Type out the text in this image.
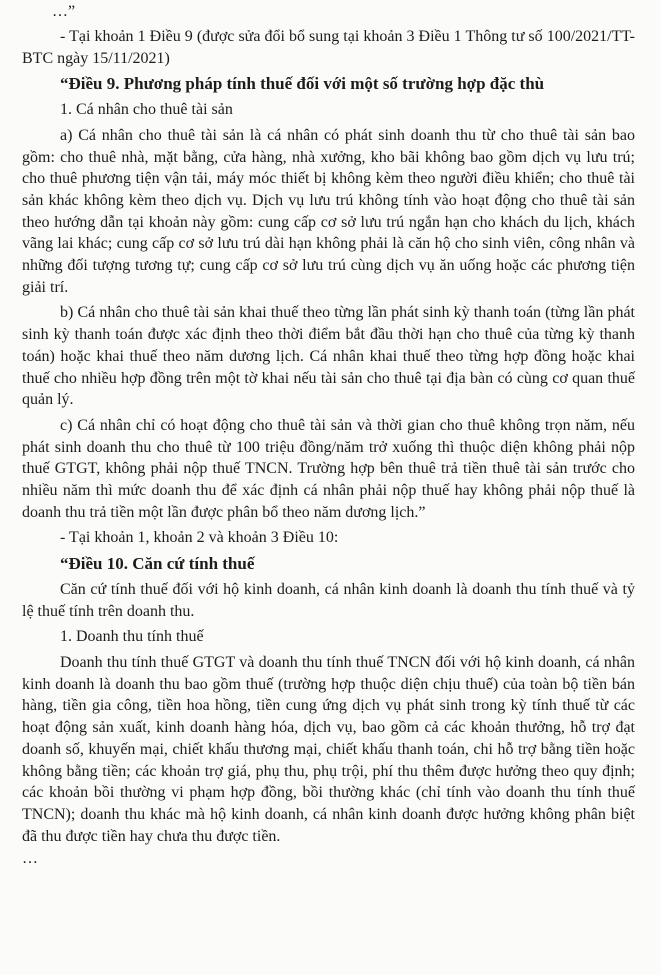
…”

- Tại khoản 1 Điều 9 (được sửa đổi bổ sung tại khoản 3 Điều 1 Thông tư số 100/2021/TT-BTC ngày 15/11/2021)

“Điều 9. Phương pháp tính thuế đối với một số trường hợp đặc thù

1. Cá nhân cho thuê tài sản

a) Cá nhân cho thuê tài sản là cá nhân có phát sinh doanh thu từ cho thuê tài sản bao gồm: cho thuê nhà, mặt bằng, cửa hàng, nhà xưởng, kho bãi không bao gồm dịch vụ lưu trú; cho thuê phương tiện vận tải, máy móc thiết bị không kèm theo người điều khiển; cho thuê tài sản khác không kèm theo dịch vụ. Dịch vụ lưu trú không tính vào hoạt động cho thuê tài sản theo hướng dẫn tại khoản này gồm: cung cấp cơ sở lưu trú ngắn hạn cho khách du lịch, khách vãng lai khác; cung cấp cơ sở lưu trú dài hạn không phải là căn hộ cho sinh viên, công nhân và những đối tượng tương tự; cung cấp cơ sở lưu trú cùng dịch vụ ăn uống hoặc các phương tiện giải trí.

b) Cá nhân cho thuê tài sản khai thuế theo từng lần phát sinh kỳ thanh toán (từng lần phát sinh kỳ thanh toán được xác định theo thời điểm bắt đầu thời hạn cho thuê của từng kỳ thanh toán) hoặc khai thuế theo năm dương lịch. Cá nhân khai thuế theo từng hợp đồng hoặc khai thuế cho nhiều hợp đồng trên một tờ khai nếu tài sản cho thuê tại địa bàn có cùng cơ quan thuế quản lý.

c) Cá nhân chỉ có hoạt động cho thuê tài sản và thời gian cho thuê không trọn năm, nếu phát sinh doanh thu cho thuê từ 100 triệu đồng/năm trở xuống thì thuộc diện không phải nộp thuế GTGT, không phải nộp thuế TNCN. Trường hợp bên thuê trả tiền thuê tài sản trước cho nhiều năm thì mức doanh thu để xác định cá nhân phải nộp thuế hay không phải nộp thuế là doanh thu trả tiền một lần được phân bổ theo năm dương lịch.”

- Tại khoản 1, khoản 2 và khoản 3 Điều 10:

“Điều 10. Căn cứ tính thuế

Căn cứ tính thuế đối với hộ kinh doanh, cá nhân kinh doanh là doanh thu tính thuế và tỷ lệ thuế tính trên doanh thu.

1. Doanh thu tính thuế

Doanh thu tính thuế GTGT và doanh thu tính thuế TNCN đối với hộ kinh doanh, cá nhân kinh doanh là doanh thu bao gồm thuế (trường hợp thuộc diện chịu thuế) của toàn bộ tiền bán hàng, tiền gia công, tiền hoa hồng, tiền cung ứng dịch vụ phát sinh trong kỳ tính thuế từ các hoạt động sản xuất, kinh doanh hàng hóa, dịch vụ, bao gồm cả các khoản thưởng, hỗ trợ đạt doanh số, khuyến mại, chiết khấu thương mại, chiết khấu thanh toán, chi hỗ trợ bằng tiền hoặc không bằng tiền; các khoản trợ giá, phụ thu, phụ trội, phí thu thêm được hưởng theo quy định; các khoản bồi thường vi phạm hợp đồng, bồi thường khác (chỉ tính vào doanh thu tính thuế TNCN); doanh thu khác mà hộ kinh doanh, cá nhân kinh doanh được hưởng không phân biệt đã thu được tiền hay chưa thu được tiền.

…
